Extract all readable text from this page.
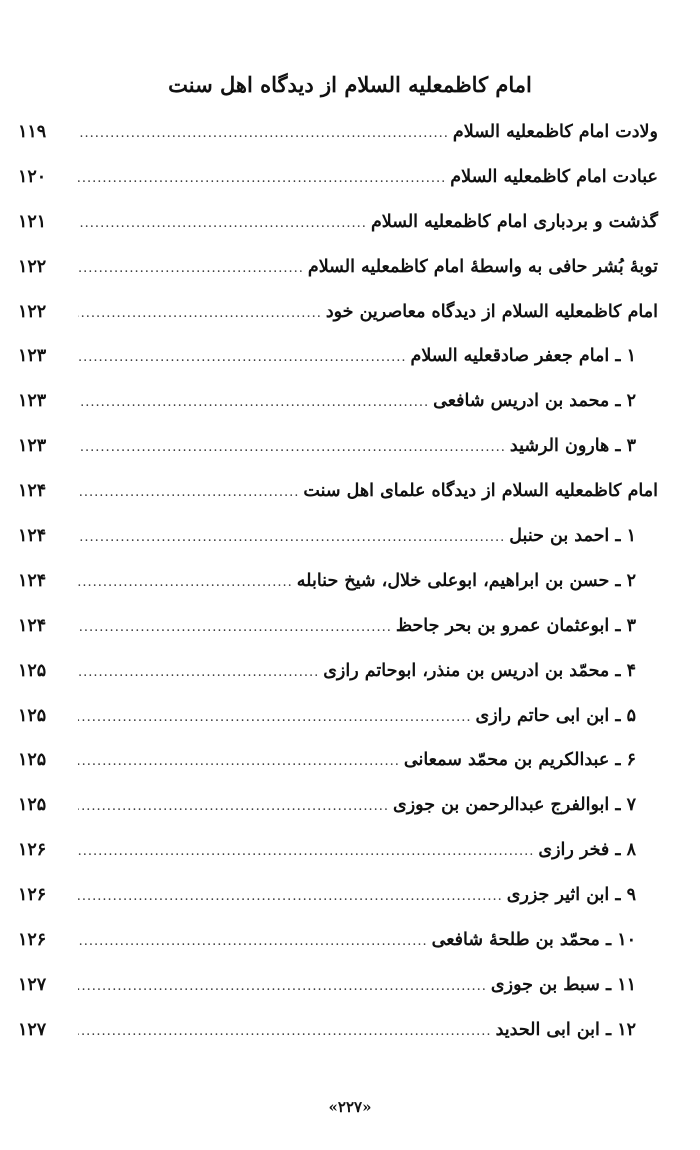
امام کاظمعلیه السلام از دیدگاه اهل سنت
ولادت امام کاظمعلیه السلام
.....
۱۱۹
عبادت امام کاظمعلیه السلام
.....
۱۲۰
گذشت و بردباری امام کاظمعلیه السلام
.....
۱۲۱
توبهٔ بُشر حافی به واسطهٔ امام کاظمعلیه السلام
.....
۱۲۲
امام کاظمعلیه السلام از دیدگاه معاصرین خود
.....
۱۲۲
۱ ـ امام جعفر صادقعلیه السلام
.....
۱۲۳
۲ ـ محمد بن ادریس شافعی
.....
۱۲۳
۳ ـ هارون الرشید
.....
۱۲۳
امام کاظمعلیه السلام از دیدگاه علمای اهل سنت
.....
۱۲۴
۱ ـ احمد بن حنبل
.....
۱۲۴
۲ ـ حسن بن ابراهیم، ابوعلی خلال، شیخ حنابله
.....
۱۲۴
۳ ـ ابوعثمان عمرو بن بحر جاحظ
.....
۱۲۴
۴ ـ محمّد بن ادریس بن منذر، ابوحاتم رازی
.....
۱۲۵
۵ ـ ابن ابی حاتم رازی
.....
۱۲۵
۶ ـ عبدالکریم بن محمّد سمعانی
.....
۱۲۵
۷ ـ ابوالفرج عبدالرحمن بن جوزی
.....
۱۲۵
۸ ـ فخر رازی
.....
۱۲۶
۹ ـ ابن اثیر جزری
.....
۱۲۶
۱۰ ـ محمّد بن طلحهٔ شافعی
.....
۱۲۶
۱۱ ـ سبط بن جوزی
.....
۱۲۷
۱۲ ـ ابن ابی الحدید
.....
۱۲۷
«۲۲۷»
